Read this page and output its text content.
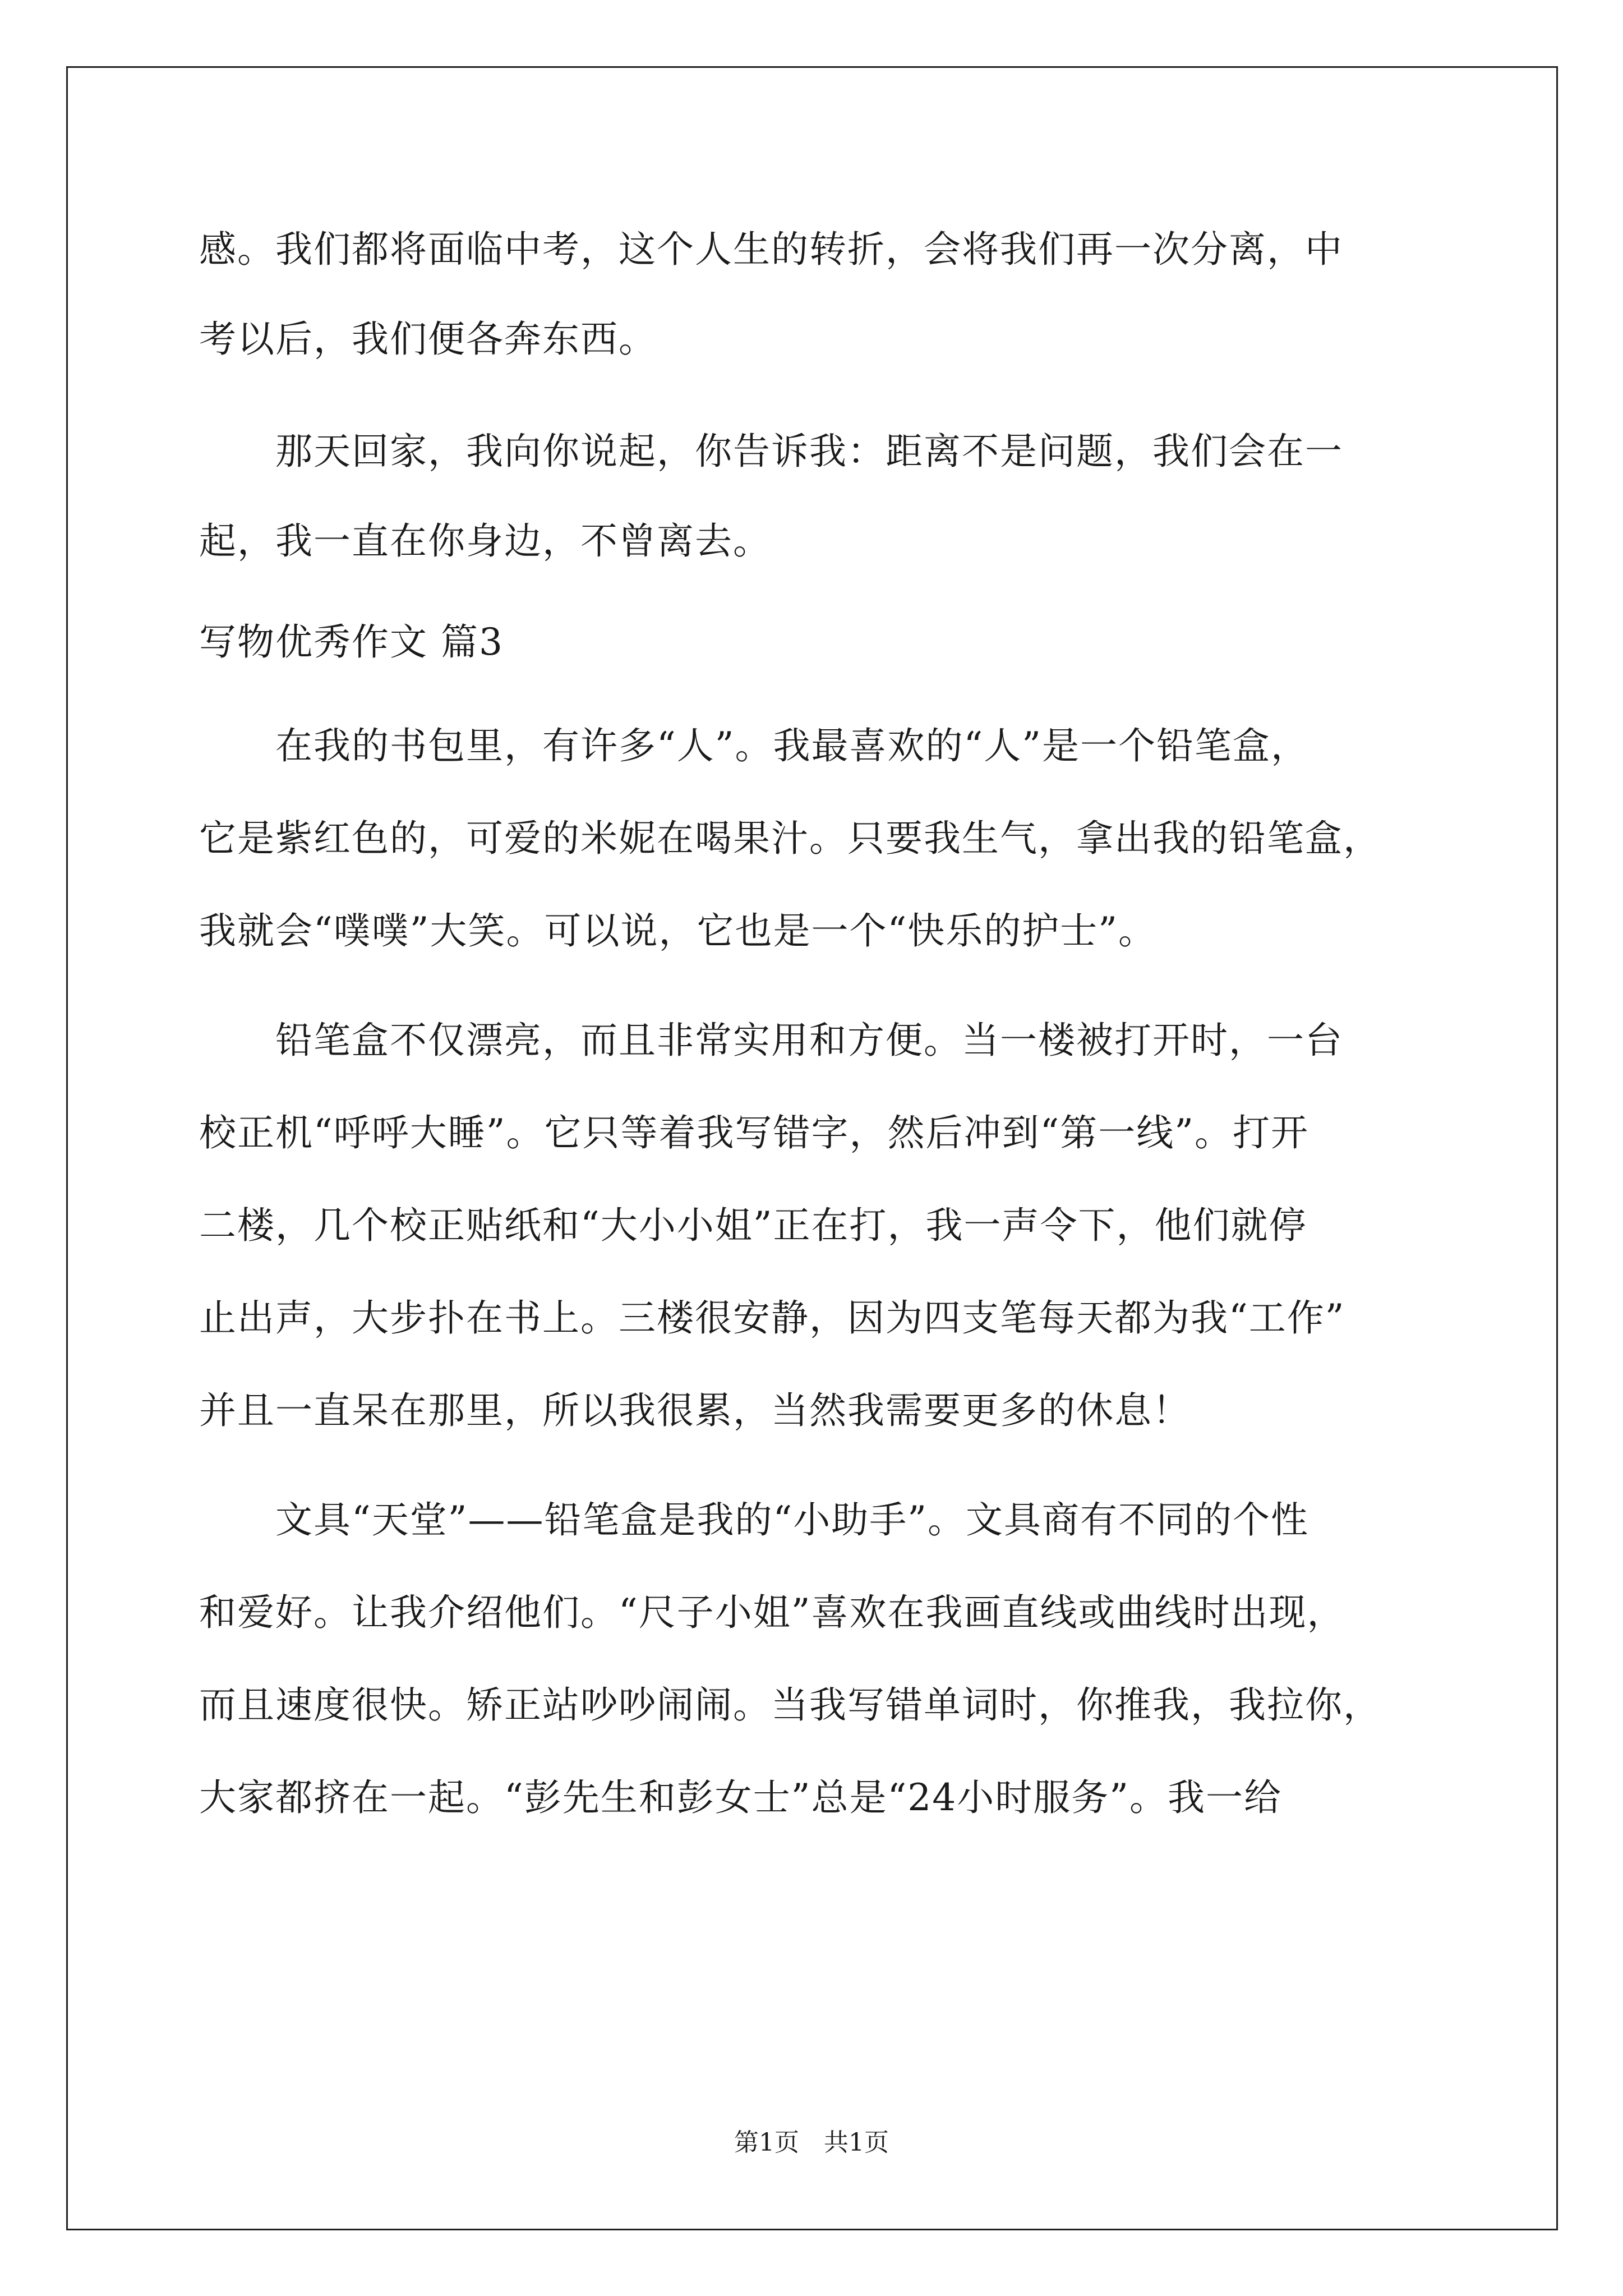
感。我们都将面临中考，这个人生的转折，会将我们再一次分离，中
考以后，我们便各奔东西。
　　那天回家，我向你说起，你告诉我：距离不是问题，我们会在一
起，我一直在你身边，不曾离去。
写物优秀作文 篇3
　　在我的书包里，有许多“人”。我最喜欢的“人”是一个铅笔盒，
它是紫红色的，可爱的米妮在喝果汁。只要我生气，拿出我的铅笔盒，
我就会“噗噗”大笑。可以说，它也是一个“快乐的护士”。
　　铅笔盒不仅漂亮，而且非常实用和方便。当一楼被打开时，一台
校正机“呼呼大睡”。它只等着我写错字，然后冲到“第一线”。打开
二楼，几个校正贴纸和“大小小姐”正在打，我一声令下，他们就停
止出声，大步扑在书上。三楼很安静，因为四支笔每天都为我“工作”
并且一直呆在那里，所以我很累，当然我需要更多的休息！
　　文具“天堂”——铅笔盒是我的“小助手”。文具商有不同的个性
和爱好。让我介绍他们。“尺子小姐”喜欢在我画直线或曲线时出现，
而且速度很快。矫正站吵吵闹闹。当我写错单词时，你推我，我拉你，
大家都挤在一起。“彭先生和彭女士”总是“24小时服务”。我一给
第1页　共1页
